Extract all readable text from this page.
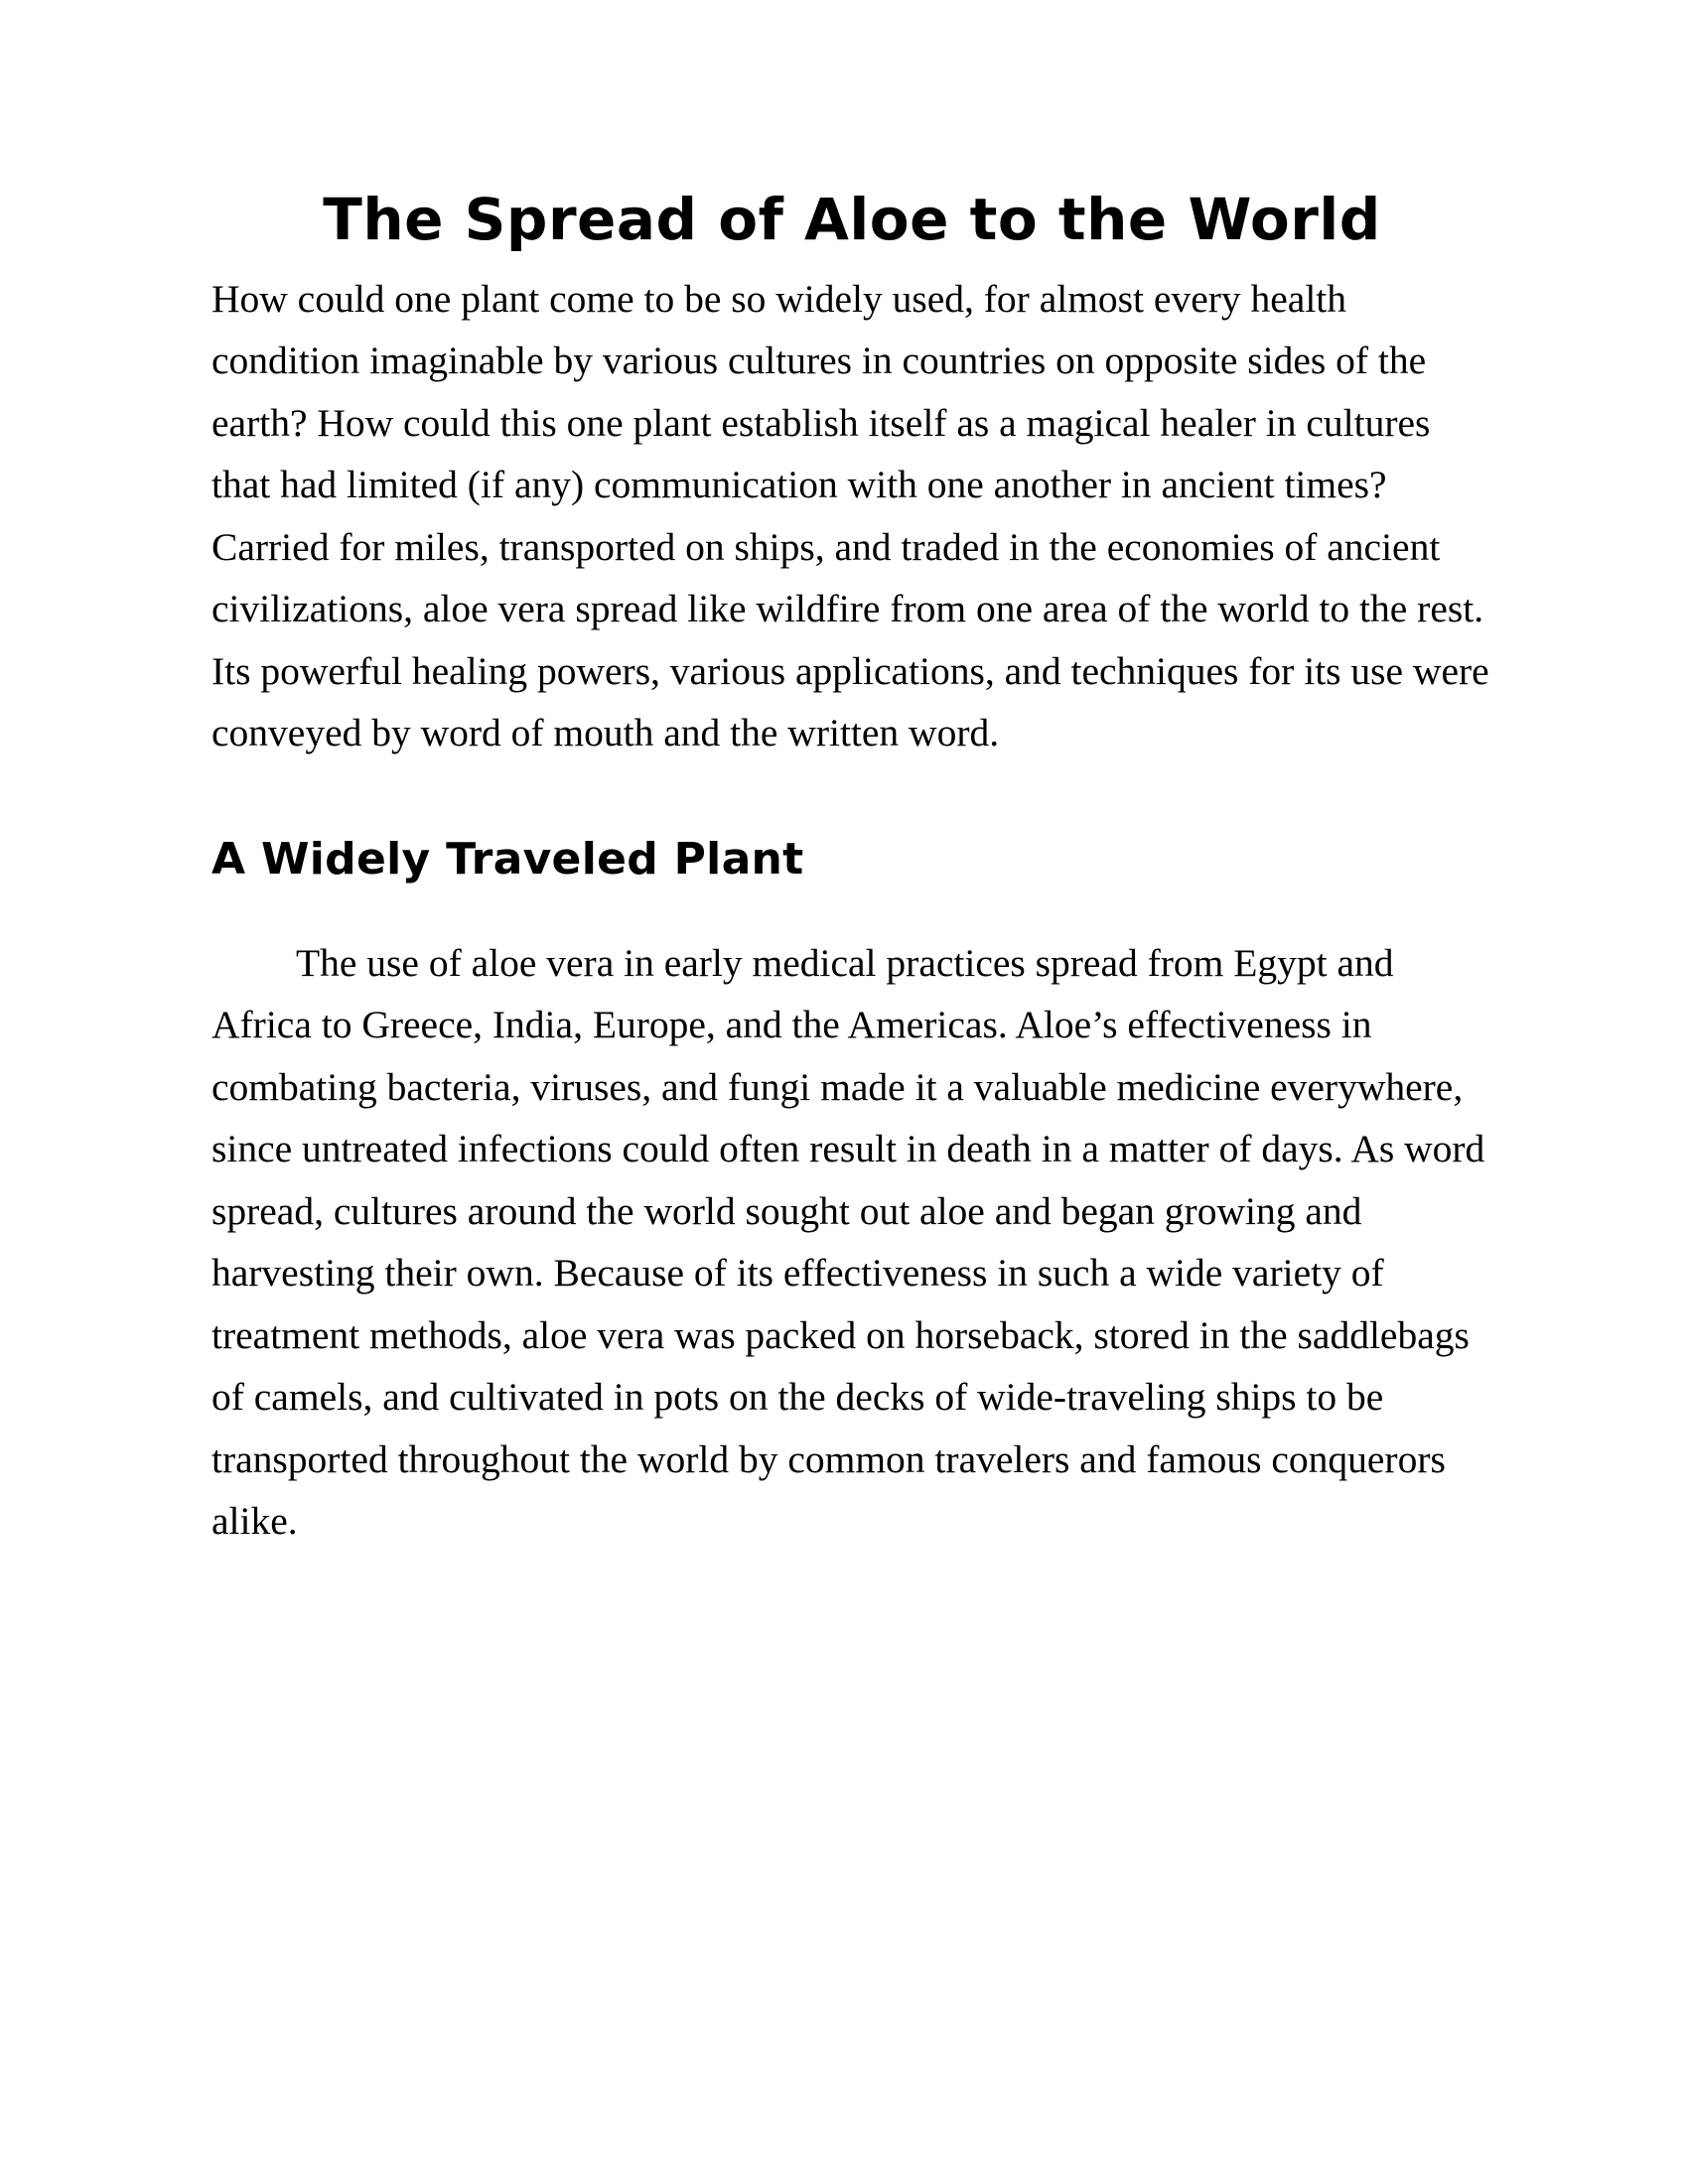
The Spread of Aloe to the World

How could one plant come to be so widely used, for almost every health condition imaginable by various cultures in countries on opposite sides of the earth? How could this one plant establish itself as a magical healer in cultures that had limited (if any) communication with one another in ancient times? Carried for miles, transported on ships, and traded in the economies of ancient civilizations, aloe vera spread like wildfire from one area of the world to the rest. Its powerful healing powers, various applications, and techniques for its use were conveyed by word of mouth and the written word.

A Widely Traveled Plant

The use of aloe vera in early medical practices spread from Egypt and Africa to Greece, India, Europe, and the Americas. Aloe’s effectiveness in combating bacteria, viruses, and fungi made it a valuable medicine everywhere, since untreated infections could often result in death in a matter of days. As word spread, cultures around the world sought out aloe and began growing and harvesting their own. Because of its effectiveness in such a wide variety of treatment methods, aloe vera was packed on horseback, stored in the saddlebags of camels, and cultivated in pots on the decks of wide-traveling ships to be transported throughout the world by common travelers and famous conquerors alike.
